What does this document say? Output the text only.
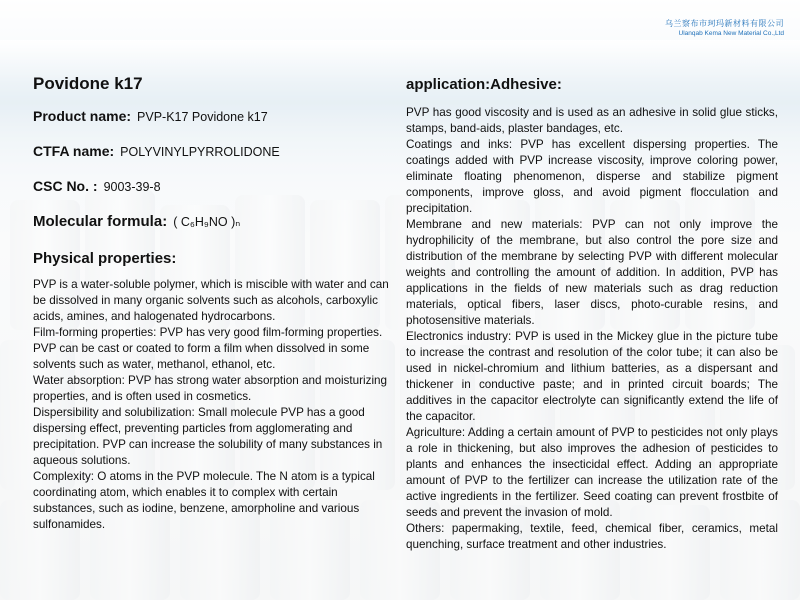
乌兰察布市珂玛新材料有限公司
Ulanqab Kema New Material Co.,Ltd
Povidone k17
Product name: PVP-K17 Povidone k17
CTFA name: POLYVINYLPYRROLIDONE
CSC No. : 9003-39-8
Molecular formula: ( C₆H₉NO )ₙ
Physical properties:

PVP is a water-soluble polymer, which is miscible with water and can be dissolved in many organic solvents such as alcohols, carboxylic acids, amines, and halogenated hydrocarbons.

Film-forming properties: PVP has very good film-forming properties. PVP can be cast or coated to form a film when dissolved in some solvents such as water, methanol, ethanol, etc.

Water absorption: PVP has strong water absorption and moisturizing properties, and is often used in cosmetics.

Dispersibility and solubilization: Small molecule PVP has a good dispersing effect, preventing particles from agglomerating and precipitation. PVP can increase the solubility of many substances in aqueous solutions.

Complexity: O atoms in the PVP molecule. The N atom is a typical coordinating atom, which enables it to complex with certain substances, such as iodine, benzene, amorpholine and various sulfonamides.

application:Adhesive:

PVP has good viscosity and is used as an adhesive in solid glue sticks, stamps, band-aids, plaster bandages, etc.

Coatings and inks: PVP has excellent dispersing properties. The coatings added with PVP increase viscosity, improve coloring power, eliminate floating phenomenon, disperse and stabilize pigment components, improve gloss, and avoid pigment flocculation and precipitation.

Membrane and new materials: PVP can not only improve the hydrophilicity of the membrane, but also control the pore size and distribution of the membrane by selecting PVP with different molecular weights and controlling the amount of addition. In addition, PVP has applications in the fields of new materials such as drag reduction materials, optical fibers, laser discs, photo-curable resins, and photosensitive materials.

Electronics industry: PVP is used in the Mickey glue in the picture tube to increase the contrast and resolution of the color tube; it can also be used in nickel-chromium and lithium batteries, as a dispersant and thickener in conductive paste; and in printed circuit boards; The additives in the capacitor electrolyte can significantly extend the life of the capacitor.

Agriculture: Adding a certain amount of PVP to pesticides not only plays a role in thickening, but also improves the adhesion of pesticides to plants and enhances the insecticidal effect. Adding an appropriate amount of PVP to the fertilizer can increase the utilization rate of the active ingredients in the fertilizer. Seed coating can prevent frostbite of seeds and prevent the invasion of mold.

Others: papermaking, textile, feed, chemical fiber, ceramics, metal quenching, surface treatment and other industries.
